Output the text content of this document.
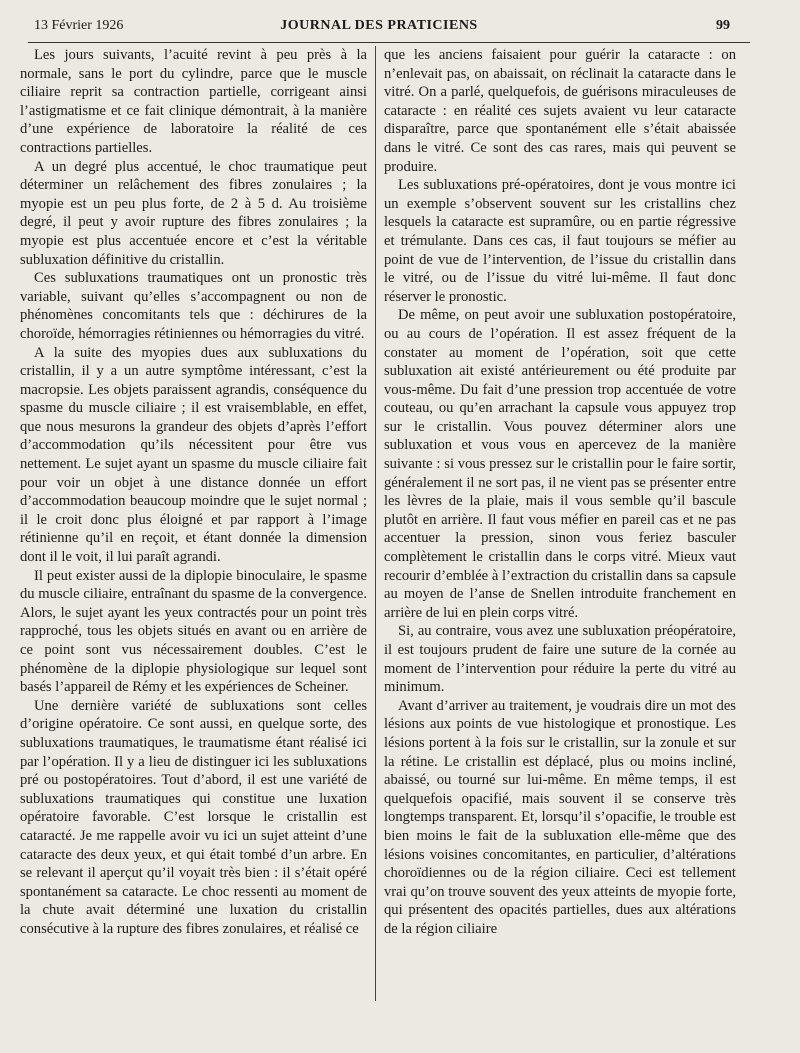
13 Février 1926	JOURNAL DES PRATICIENS	99

Les jours suivants, l’acuité revint à peu près à la normale, sans le port du cylindre, parce que le muscle ciliaire reprit sa contraction partielle, corrigeant ainsi l’astigmatisme et ce fait clinique démontrait, à la manière d’une expérience de laboratoire la réalité de ces contractions partielles.

A un degré plus accentué, le choc traumatique peut déterminer un relâchement des fibres zonulaires ; la myopie est un peu plus forte, de 2 à 5 d. Au troisième degré, il peut y avoir rupture des fibres zonulaires ; la myopie est plus accentuée encore et c’est la véritable subluxation définitive du cristallin.

Ces subluxations traumatiques ont un pronostic très variable, suivant qu’elles s’accompagnent ou non de phénomènes concomitants tels que : déchirures de la choroïde, hémorragies rétiniennes ou hémorragies du vitré.

A la suite des myopies dues aux subluxations du cristallin, il y a un autre symptôme intéressant, c’est la macropsie. Les objets paraissent agrandis, conséquence du spasme du muscle ciliaire ; il est vraisemblable, en effet, que nous mesurons la grandeur des objets d’après l’effort d’accommodation qu’ils nécessitent pour être vus nettement. Le sujet ayant un spasme du muscle ciliaire fait pour voir un objet à une distance donnée un effort d’accommodation beaucoup moindre que le sujet normal ; il le croit donc plus éloigné et par rapport à l’image rétinienne qu’il en reçoit, et étant donnée la dimension dont il le voit, il lui paraît agrandi.

Il peut exister aussi de la diplopie binoculaire, le spasme du muscle ciliaire, entraînant du spasme de la convergence. Alors, le sujet ayant les yeux contractés pour un point très rapproché, tous les objets situés en avant ou en arrière de ce point sont vus nécessairement doubles. C’est le phénomène de la diplopie physiologique sur lequel sont basés l’appareil de Rémy et les expériences de Scheiner.

Une dernière variété de subluxations sont celles d’origine opératoire. Ce sont aussi, en quelque sorte, des subluxations traumatiques, le traumatisme étant réalisé ici par l’opération. Il y a lieu de distinguer ici les subluxations pré ou postopératoires. Tout d’abord, il est une variété de subluxations traumatiques qui constitue une luxation opératoire favorable. C’est lorsque le cristallin est cataracté. Je me rappelle avoir vu ici un sujet atteint d’une cataracte des deux yeux, et qui était tombé d’un arbre. En se relevant il aperçut qu’il voyait très bien : il s’était opéré spontanément sa cataracte. Le choc ressenti au moment de la chute avait déterminé une luxation du cristallin consécutive à la rupture des fibres zonulaires, et réalisé ce

que les anciens faisaient pour guérir la cataracte : on n’enlevait pas, on abaissait, on réclinait la cataracte dans le vitré. On a parlé, quelquefois, de guérisons miraculeuses de cataracte : en réalité ces sujets avaient vu leur cataracte disparaître, parce que spontanément elle s’était abaissée dans le vitré. Ce sont des cas rares, mais qui peuvent se produire.

Les subluxations pré-opératoires, dont je vous montre ici un exemple s’observent souvent sur les cristallins chez lesquels la cataracte est supramûre, ou en partie régressive et trémulante. Dans ces cas, il faut toujours se méfier au point de vue de l’intervention, de l’issue du cristallin dans le vitré, ou de l’issue du vitré lui-même. Il faut donc réserver le pronostic.

De même, on peut avoir une subluxation postopératoire, ou au cours de l’opération. Il est assez fréquent de la constater au moment de l’opération, soit que cette subluxation ait existé antérieurement ou été produite par vous-même. Du fait d’une pression trop accentuée de votre couteau, ou qu’en arrachant la capsule vous appuyez trop sur le cristallin. Vous pouvez déterminer alors une subluxation et vous vous en apercevez de la manière suivante : si vous pressez sur le cristallin pour le faire sortir, généralement il ne sort pas, il ne vient pas se présenter entre les lèvres de la plaie, mais il vous semble qu’il bascule plutôt en arrière. Il faut vous méfier en pareil cas et ne pas accentuer la pression, sinon vous feriez basculer complètement le cristallin dans le corps vitré. Mieux vaut recourir d’emblée à l’extraction du cristallin dans sa capsule au moyen de l’anse de Snellen introduite franchement en arrière de lui en plein corps vitré.

Si, au contraire, vous avez une subluxation préopératoire, il est toujours prudent de faire une suture de la cornée au moment de l’intervention pour réduire la perte du vitré au minimum.

Avant d’arriver au traitement, je voudrais dire un mot des lésions aux points de vue histologique et pronostique. Les lésions portent à la fois sur le cristallin, sur la zonule et sur la rétine. Le cristallin est déplacé, plus ou moins incliné, abaissé, ou tourné sur lui-même. En même temps, il est quelquefois opacifié, mais souvent il se conserve très longtemps transparent. Et, lorsqu’il s’opacifie, le trouble est bien moins le fait de la subluxation elle-même que des lésions voisines concomitantes, en particulier, d’altérations choroïdiennes ou de la région ciliaire. Ceci est tellement vrai qu’on trouve souvent des yeux atteints de myopie forte, qui présentent des opacités partielles, dues aux altérations de la région ciliaire
